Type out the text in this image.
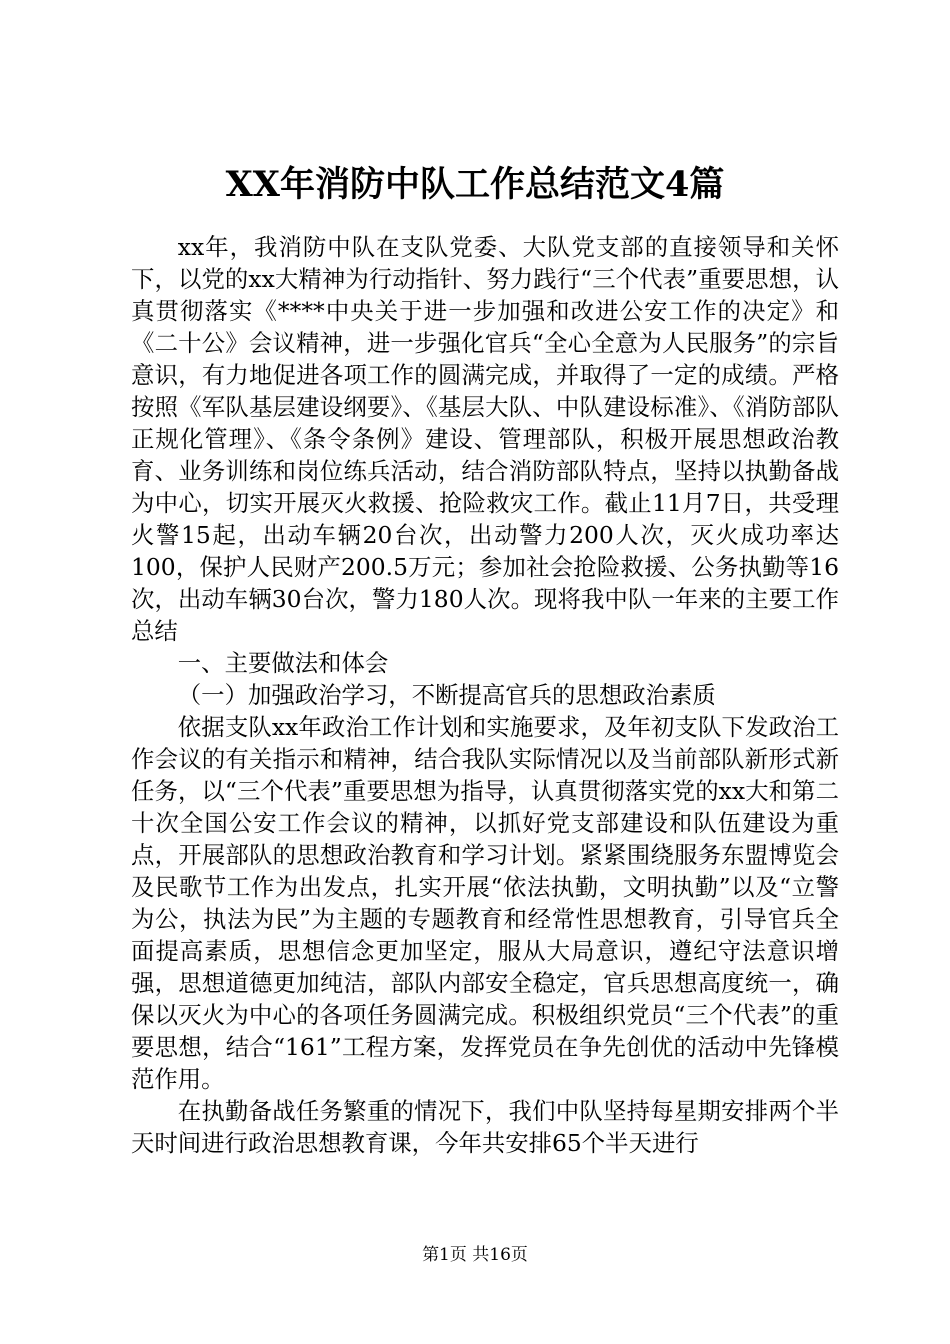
XX年消防中队工作总结范文4篇

xx年，我消防中队在支队党委、大队党支部的直接领导和关怀下，以党的xx大精神为行动指针、努力践行“三个代表”重要思想，认真贯彻落实《****中央关于进一步加强和改进公安工作的决定》和《二十公》会议精神，进一步强化官兵“全心全意为人民服务”的宗旨意识，有力地促进各项工作的圆满完成，并取得了一定的成绩。严格按照《军队基层建设纲要》、《基层大队、中队建设标准》、《消防部队正规化管理》、《条令条例》建设、管理部队，积极开展思想政治教育、业务训练和岗位练兵活动，结合消防部队特点，坚持以执勤备战为中心，切实开展灭火救援、抢险救灾工作。截止11月7日，共受理火警15起，出动车辆20台次，出动警力200人次，灭火成功率达100，保护人民财产200.5万元；参加社会抢险救援、公务执勤等16次，出动车辆30台次，警力180人次。现将我中队一年来的主要工作总结

一、主要做法和体会

（一）加强政治学习，不断提高官兵的思想政治素质

依据支队xx年政治工作计划和实施要求，及年初支队下发政治工作会议的有关指示和精神，结合我队实际情况以及当前部队新形式新任务，以“三个代表”重要思想为指导，认真贯彻落实党的xx大和第二十次全国公安工作会议的精神，以抓好党支部建设和队伍建设为重点，开展部队的思想政治教育和学习计划。紧紧围绕服务东盟博览会及民歌节工作为出发点，扎实开展“依法执勤，文明执勤”以及“立警为公，执法为民”为主题的专题教育和经常性思想教育，引导官兵全面提高素质，思想信念更加坚定，服从大局意识，遵纪守法意识增强，思想道德更加纯洁，部队内部安全稳定，官兵思想高度统一，确保以灭火为中心的各项任务圆满完成。积极组织党员“三个代表”的重要思想，结合“161”工程方案，发挥党员在争先创优的活动中先锋模范作用。

在执勤备战任务繁重的情况下，我们中队坚持每星期安排两个半天时间进行政治思想教育课，今年共安排65个半天进行

第1页 共16页
